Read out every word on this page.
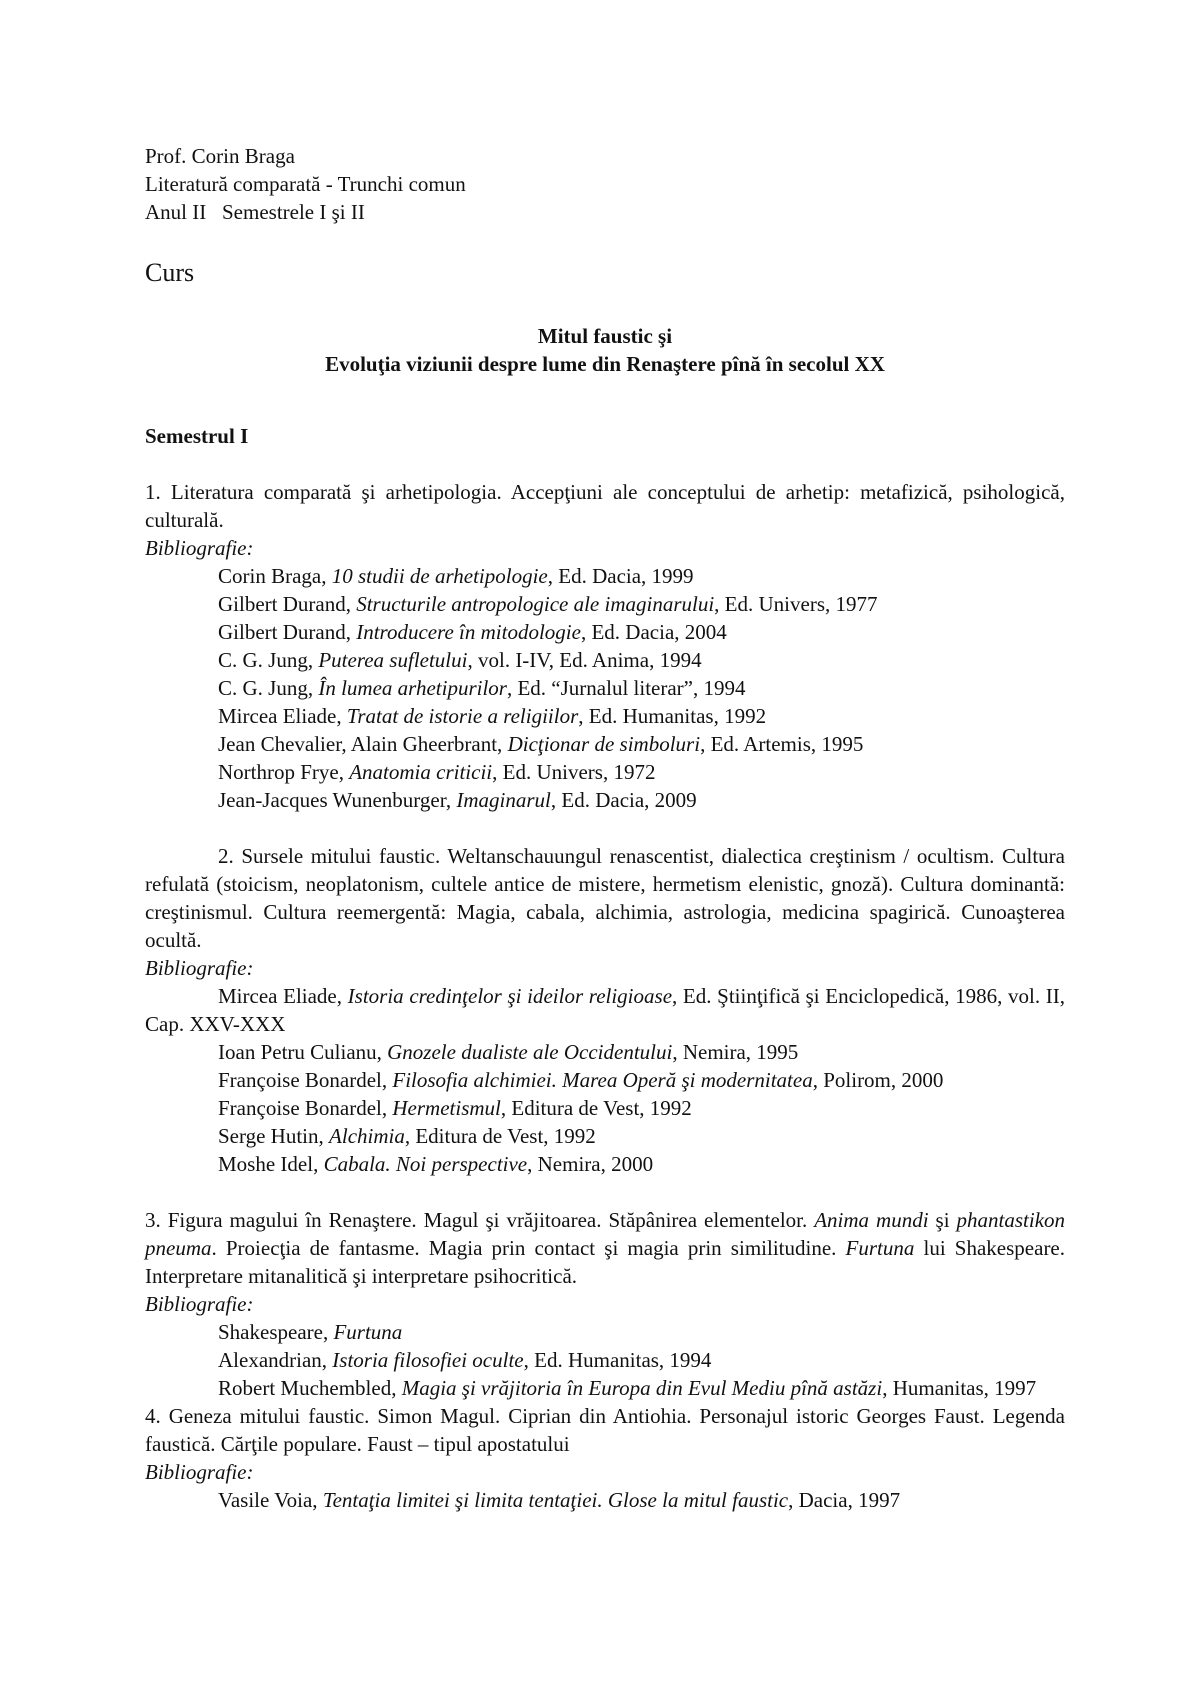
Prof. Corin Braga
Literatură comparată - Trunchi comun
Anul II   Semestrele I şi II
Curs
Mitul faustic şi
Evoluţia viziunii despre lume din Renaştere pînă în secolul XX
Semestrul I
1. Literatura comparată şi arhetipologia. Accepţiuni ale conceptului de arhetip: metafizică, psihologică, culturală.
Bibliografie:
Corin Braga, 10 studii de arhetipologie, Ed. Dacia, 1999
Gilbert Durand, Structurile antropologice ale imaginarului, Ed. Univers, 1977
Gilbert Durand, Introducere în mitodologie, Ed. Dacia, 2004
C. G. Jung, Puterea sufletului, vol. I-IV, Ed. Anima, 1994
C. G. Jung, În lumea arhetipurilor, Ed. “Jurnalul literar”, 1994
Mircea Eliade, Tratat de istorie a religiilor, Ed. Humanitas, 1992
Jean Chevalier, Alain Gheerbrant, Dicţionar de simboluri, Ed. Artemis, 1995
Northrop Frye, Anatomia criticii, Ed. Univers, 1972
Jean-Jacques Wunenburger, Imaginarul, Ed. Dacia, 2009
2. Sursele mitului faustic. Weltanschauungul renascentist, dialectica creştinism / ocultism. Cultura refulată (stoicism, neoplatonism, cultele antice de mistere, hermetism elenistic, gnoză). Cultura dominantă: creştinismul. Cultura reemergentă: Magia, cabala, alchimia, astrologia, medicina spagirică. Cunoaşterea ocultă.
Bibliografie:
Mircea Eliade, Istoria credinţelor şi ideilor religioase, Ed. Ştiinţifică şi Enciclopedică, 1986, vol. II, Cap. XXV-XXX
Ioan Petru Culianu, Gnozele dualiste ale Occidentului, Nemira, 1995
Françoise Bonardel, Filosofia alchimiei. Marea Operă şi modernitatea, Polirom, 2000
Françoise Bonardel, Hermetismul, Editura de Vest, 1992
Serge Hutin, Alchimia, Editura de Vest, 1992
Moshe Idel, Cabala. Noi perspective, Nemira, 2000
3. Figura magului în Renaştere. Magul şi vrăjitoarea. Stăpânirea elementelor. Anima mundi şi phantastikon pneuma. Proiecţia de fantasme. Magia prin contact şi magia prin similitudine. Furtuna lui Shakespeare. Interpretare mitanalitică şi interpretare psihocritică.
Bibliografie:
Shakespeare, Furtuna
Alexandrian, Istoria filosofiei oculte, Ed. Humanitas, 1994
Robert Muchembled, Magia şi vrăjitoria în Europa din Evul Mediu pînă astăzi, Humanitas, 1997
4. Geneza mitului faustic. Simon Magul. Ciprian din Antiohia. Personajul istoric Georges Faust. Legenda faustică. Cărţile populare. Faust – tipul apostatului
Bibliografie:
Vasile Voia, Tentaţia limitei şi limita tentaţiei. Glose la mitul faustic, Dacia, 1997
